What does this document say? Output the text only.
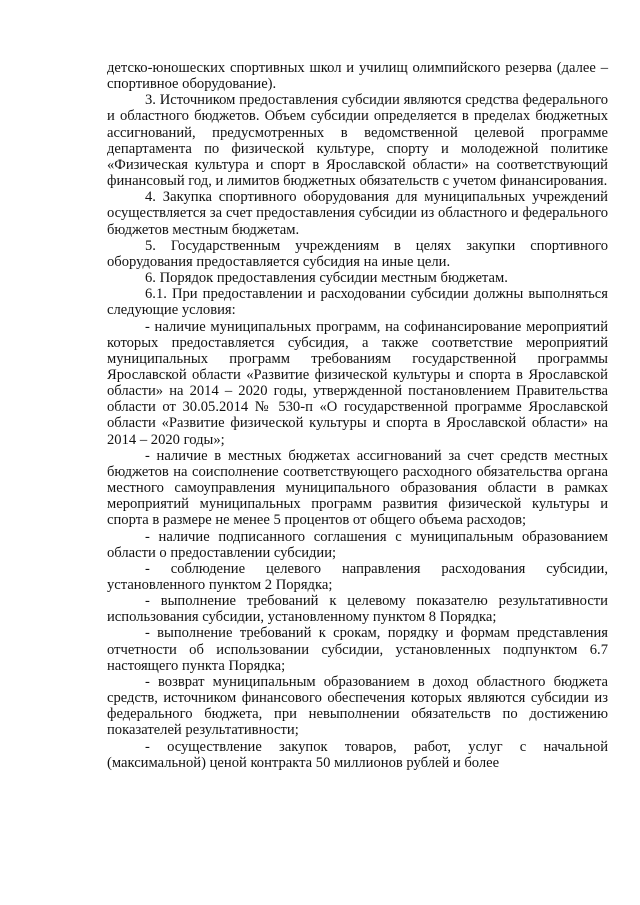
детско-юношеских спортивных школ и училищ олимпийского резерва (далее – спортивное оборудование).

3. Источником предоставления субсидии являются средства федерального и областного бюджетов. Объем субсидии определяется в пределах бюджетных ассигнований, предусмотренных в ведомственной целевой программе департамента по физической культуре, спорту и молодежной политике «Физическая культура и спорт в Ярославской области» на соответствующий финансовый год, и лимитов бюджетных обязательств с учетом финансирования.

4. Закупка спортивного оборудования для муниципальных учреждений осуществляется за счет предоставления субсидии из областного и федерального бюджетов местным бюджетам.

5. Государственным учреждениям в целях закупки спортивного оборудования предоставляется субсидия на иные цели.

6. Порядок предоставления субсидии местным бюджетам.

6.1. При предоставлении и расходовании субсидии должны выполняться следующие условия:

- наличие муниципальных программ, на софинансирование мероприятий которых предоставляется субсидия, а также соответствие мероприятий муниципальных программ требованиям государственной программы Ярославской области «Развитие физической культуры и спорта в Ярославской области» на 2014 – 2020 годы, утвержденной постановлением Правительства области от 30.05.2014 № 530-п «О государственной программе Ярославской области «Развитие физической культуры и спорта в Ярославской области» на 2014 – 2020 годы»;

- наличие в местных бюджетах ассигнований за счет средств местных бюджетов на соисполнение соответствующего расходного обязательства органа местного самоуправления муниципального образования области в рамках мероприятий муниципальных программ развития физической культуры и спорта в размере не менее 5 процентов от общего объема расходов;

- наличие подписанного соглашения с муниципальным образованием области о предоставлении субсидии;

- соблюдение целевого направления расходования субсидии, установленного пунктом 2 Порядка;

- выполнение требований к целевому показателю результативности использования субсидии, установленному пунктом 8 Порядка;

- выполнение требований к срокам, порядку и формам представления отчетности об использовании субсидии, установленных подпунктом 6.7 настоящего пункта Порядка;

- возврат муниципальным образованием в доход областного бюджета средств, источником финансового обеспечения которых являются субсидии из федерального бюджета, при невыполнении обязательств по достижению показателей результативности;

- осуществление закупок товаров, работ, услуг с начальной (максимальной) ценой контракта 50 миллионов рублей и более
